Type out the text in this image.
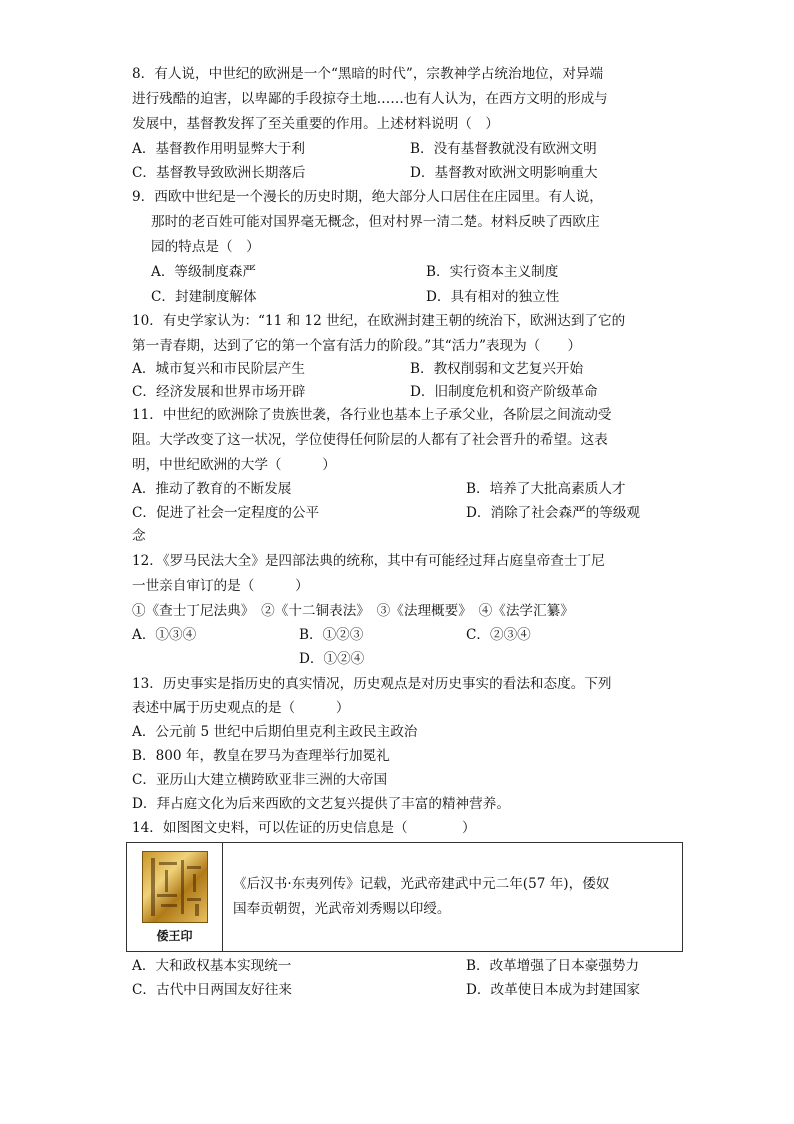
8．有人说，中世纪的欧洲是一个“黑暗的时代”，宗教神学占统治地位，对异端
进行残酷的迫害，以卑鄙的手段掠夺土地……也有人认为，在西方文明的形成与
发展中，基督教发挥了至关重要的作用。上述材料说明（　）
A．基督教作用明显弊大于利	B．没有基督教就没有欧洲文明
C．基督教导致欧洲长期落后	D．基督教对欧洲文明影响重大
9．西欧中世纪是一个漫长的历史时期，绝大部分人口居住在庄园里。有人说，
那时的老百姓可能对国界毫无概念，但对村界一清二楚。材料反映了西欧庄
园的特点是（　）
A．等级制度森严	B．实行资本主义制度
C．封建制度解体	D．具有相对的独立性
10．有史学家认为：“11 和 12 世纪，在欧洲封建王朝的统治下，欧洲达到了它的
第一青春期，达到了它的第一个富有活力的阶段。”其“活力”表现为（　　）
A．城市复兴和市民阶层产生	B．教权削弱和文艺复兴开始
C．经济发展和世界市场开辟	D．旧制度危机和资产阶级革命
11．中世纪的欧洲除了贵族世袭，各行业也基本上子承父业，各阶层之间流动受
阻。大学改变了这一状况，学位使得任何阶层的人都有了社会晋升的希望。这表
明，中世纪欧洲的大学（　　　）
A．推动了教育的不断发展	B．培养了大批高素质人才
C．促进了社会一定程度的公平	D．消除了社会森严的等级观
念
12．《罗马民法大全》是四部法典的统称，其中有可能经过拜占庭皇帝查士丁尼
一世亲自审订的是（　　　）
①《查士丁尼法典》　②《十二铜表法》　③《法理概要》　④《法学汇纂》
A．①③④	B．①②③	C．②③④
D．①②④
13．历史事实是指历史的真实情况，历史观点是对历史事实的看法和态度。下列
表述中属于历史观点的是（　　　）
A．公元前 5 世纪中后期伯里克利主政民主政治
B．800 年，教皇在罗马为查理举行加冕礼
C．亚历山大建立横跨欧亚非三洲的大帝国
D．拜占庭文化为后来西欧的文艺复兴提供了丰富的精神营养。
14．如图图文史料，可以佐证的历史信息是（　　　　）
倭王印

《后汉书·东夷列传》记载，光武帝建武中元二年(57 年)，倭奴
国奉贡朝贺，光武帝刘秀赐以印绶。
A．大和政权基本实现统一	B．改革增强了日本豪强势力
C．古代中日两国友好往来	D．改革使日本成为封建国家
